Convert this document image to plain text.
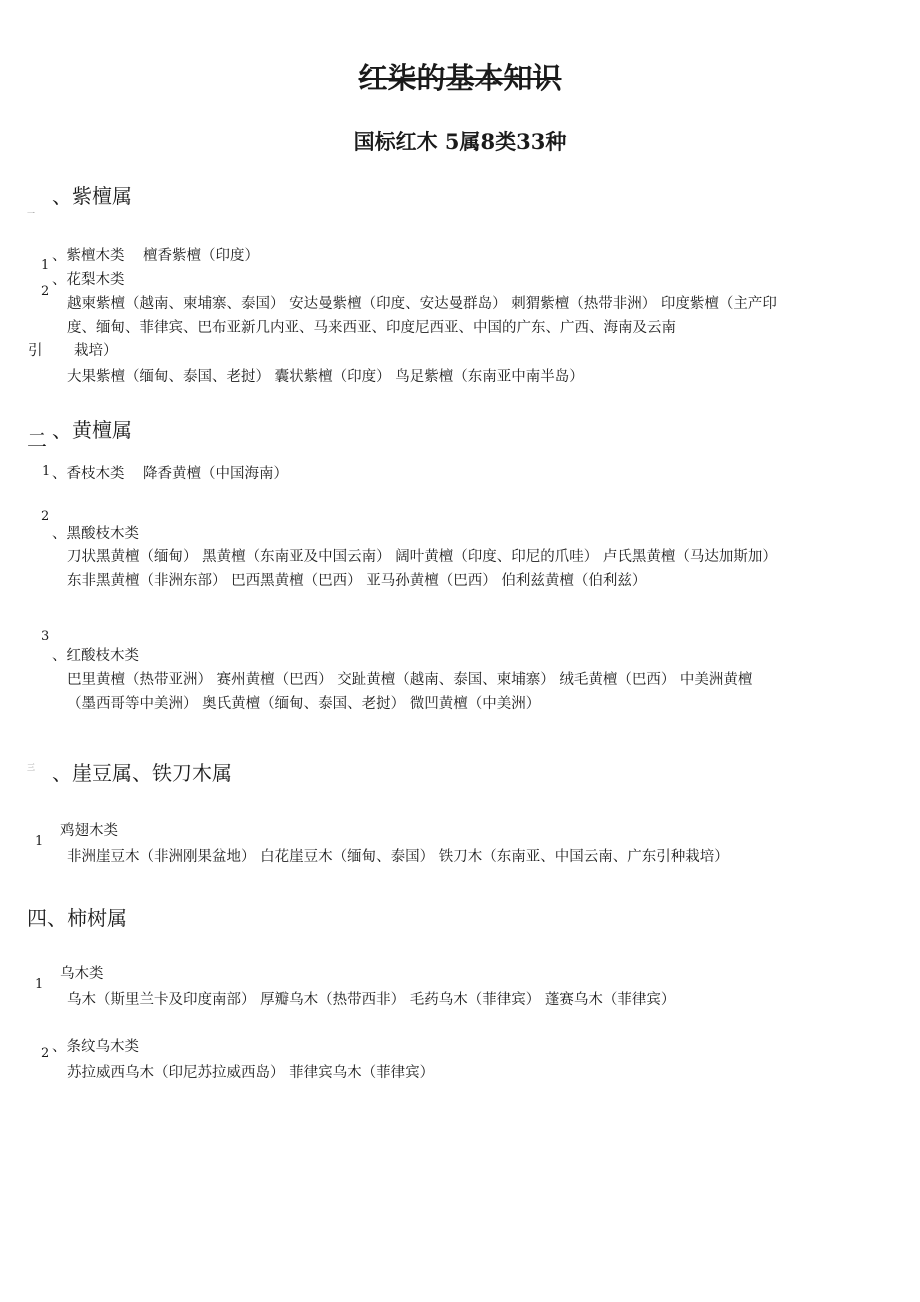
红柒的基本知识
国标红木 5属8类33种
一
、紫檀属
1
、紫檀木类 檀香紫檀（印度）
2
、花梨木类
越柬紫檀（越南、柬埔寨、泰国） 安达曼紫檀（印度、安达曼群岛） 刺猬紫檀（热带非洲） 印度紫檀（主产印
度、缅甸、菲律宾、巴布亚新几内亚、马来西亚、印度尼西亚、中国的广东、广西、海南及云南
引 栽培）
大果紫檀（缅甸、泰国、老挝） 囊状紫檀（印度） 鸟足紫檀（东南亚中南半岛）
二 、黄檀属
1 、香枝木类 降香黄檀（中国海南）
2
、黑酸枝木类
刀状黑黄檀（缅甸） 黑黄檀（东南亚及中国云南） 阔叶黄檀（印度、印尼的爪哇） 卢氏黑黄檀（马达加斯加）
东非黑黄檀（非洲东部） 巴西黑黄檀（巴西） 亚马孙黄檀（巴西） 伯利兹黄檀（伯利兹）
3
、红酸枝木类
巴里黄檀（热带亚洲） 赛州黄檀（巴西） 交趾黄檀（越南、泰国、柬埔寨） 绒毛黄檀（巴西） 中美洲黄檀
（墨西哥等中美洲） 奥氏黄檀（缅甸、泰国、老挝） 微凹黄檀（中美洲）
三 、崖豆属、铁刀木属
1
鸡翅木类
非洲崖豆木（非洲刚果盆地） 白花崖豆木（缅甸、泰国） 铁刀木（东南亚、中国云南、广东引种栽培）
四、柿树属
1
乌木类
乌木（斯里兰卡及印度南部） 厚瓣乌木（热带西非） 毛药乌木（菲律宾） 蓬赛乌木（菲律宾）
2 、条纹乌木类
苏拉威西乌木（印尼苏拉威西岛） 菲律宾乌木（菲律宾）
